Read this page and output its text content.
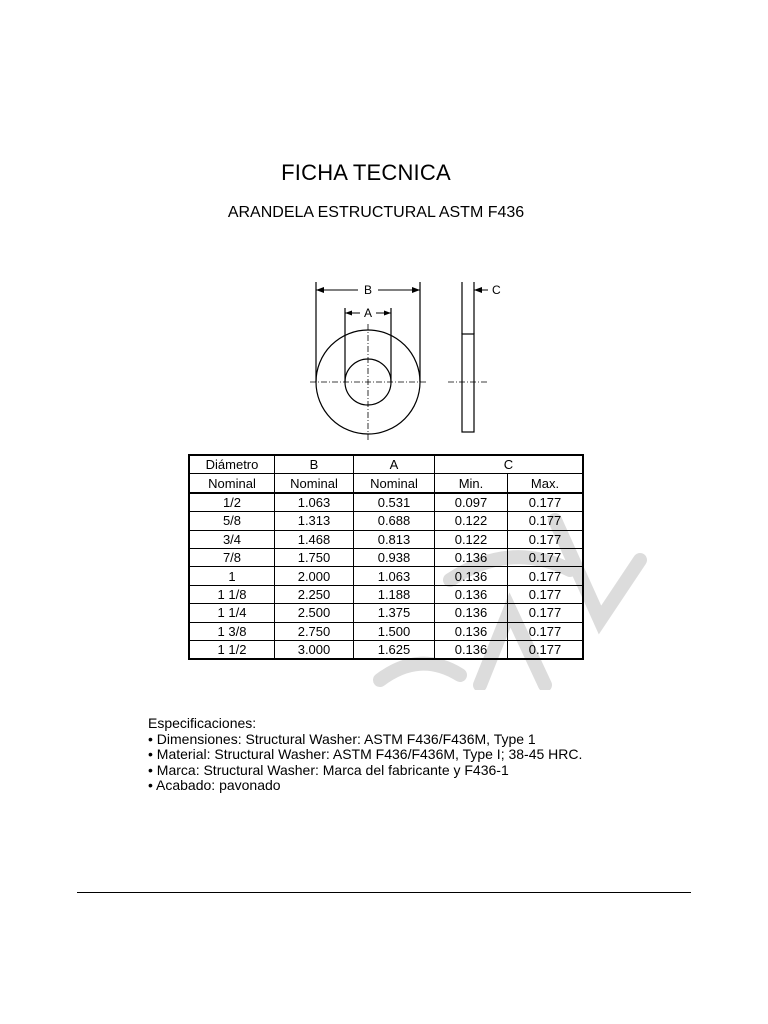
FICHA TECNICA
ARANDELA ESTRUCTURAL ASTM F436
B
A
C
Diámetro	B	A	C	
Nominal	Nominal	Nominal	Min.	Max.
1/2	1.063	0.531	0.097	0.177
5/8	1.313	0.688	0.122	0.177
3/4	1.468	0.813	0.122	0.177
7/8	1.750	0.938	0.136	0.177
1	2.000	1.063	0.136	0.177
1 1/8	2.250	1.188	0.136	0.177
1 1/4	2.500	1.375	0.136	0.177
1 3/8	2.750	1.500	0.136	0.177
1 1/2	3.000	1.625	0.136	0.177
Especificaciones:
• Dimensiones: Structural Washer: ASTM F436/F436M, Type 1
• Material: Structural Washer: ASTM F436/F436M, Type I; 38-45 HRC.
• Marca: Structural Washer: Marca del fabricante y F436-1
• Acabado: pavonado
